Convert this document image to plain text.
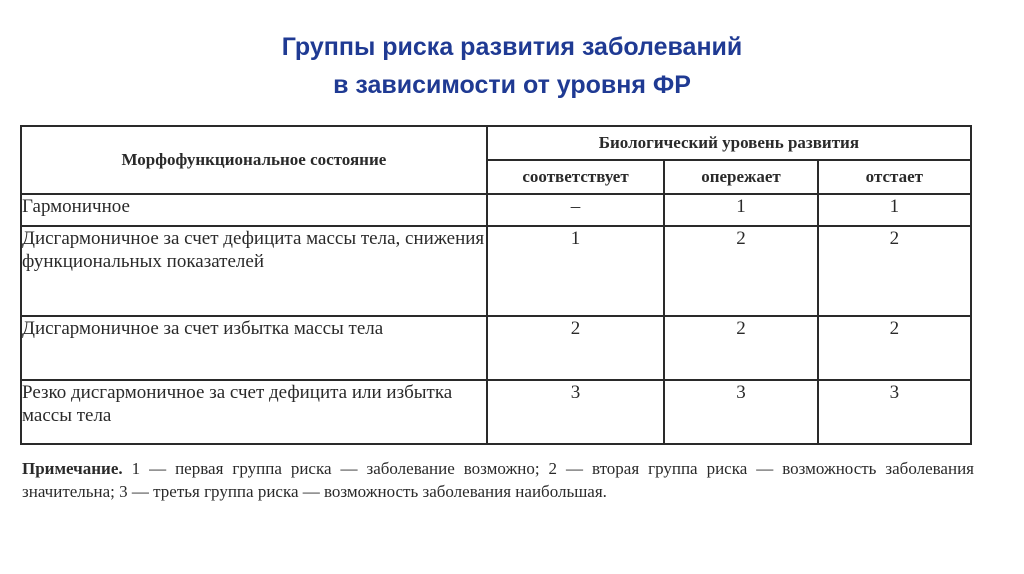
Группы риска развития заболеваний
в зависимости от уровня ФР
Морфофункциональное состояние	Биологический уровень развития		
	соответствует	опережает	отстает
Гармоничное	–	1	1
Дисгармоничное за счет дефицита массы тела, снижения функциональных показателей	1	2	2
Дисгармоничное за счет избытка массы тела	2	2	2
Резко дисгармоничное за счет дефицита или избытка массы тела	3	3	3
Примечание. 1 — первая группа риска — заболевание возможно; 2 — вторая группа риска — возможность заболевания значительна; 3 — третья группа риска — возможность заболевания наибольшая.
